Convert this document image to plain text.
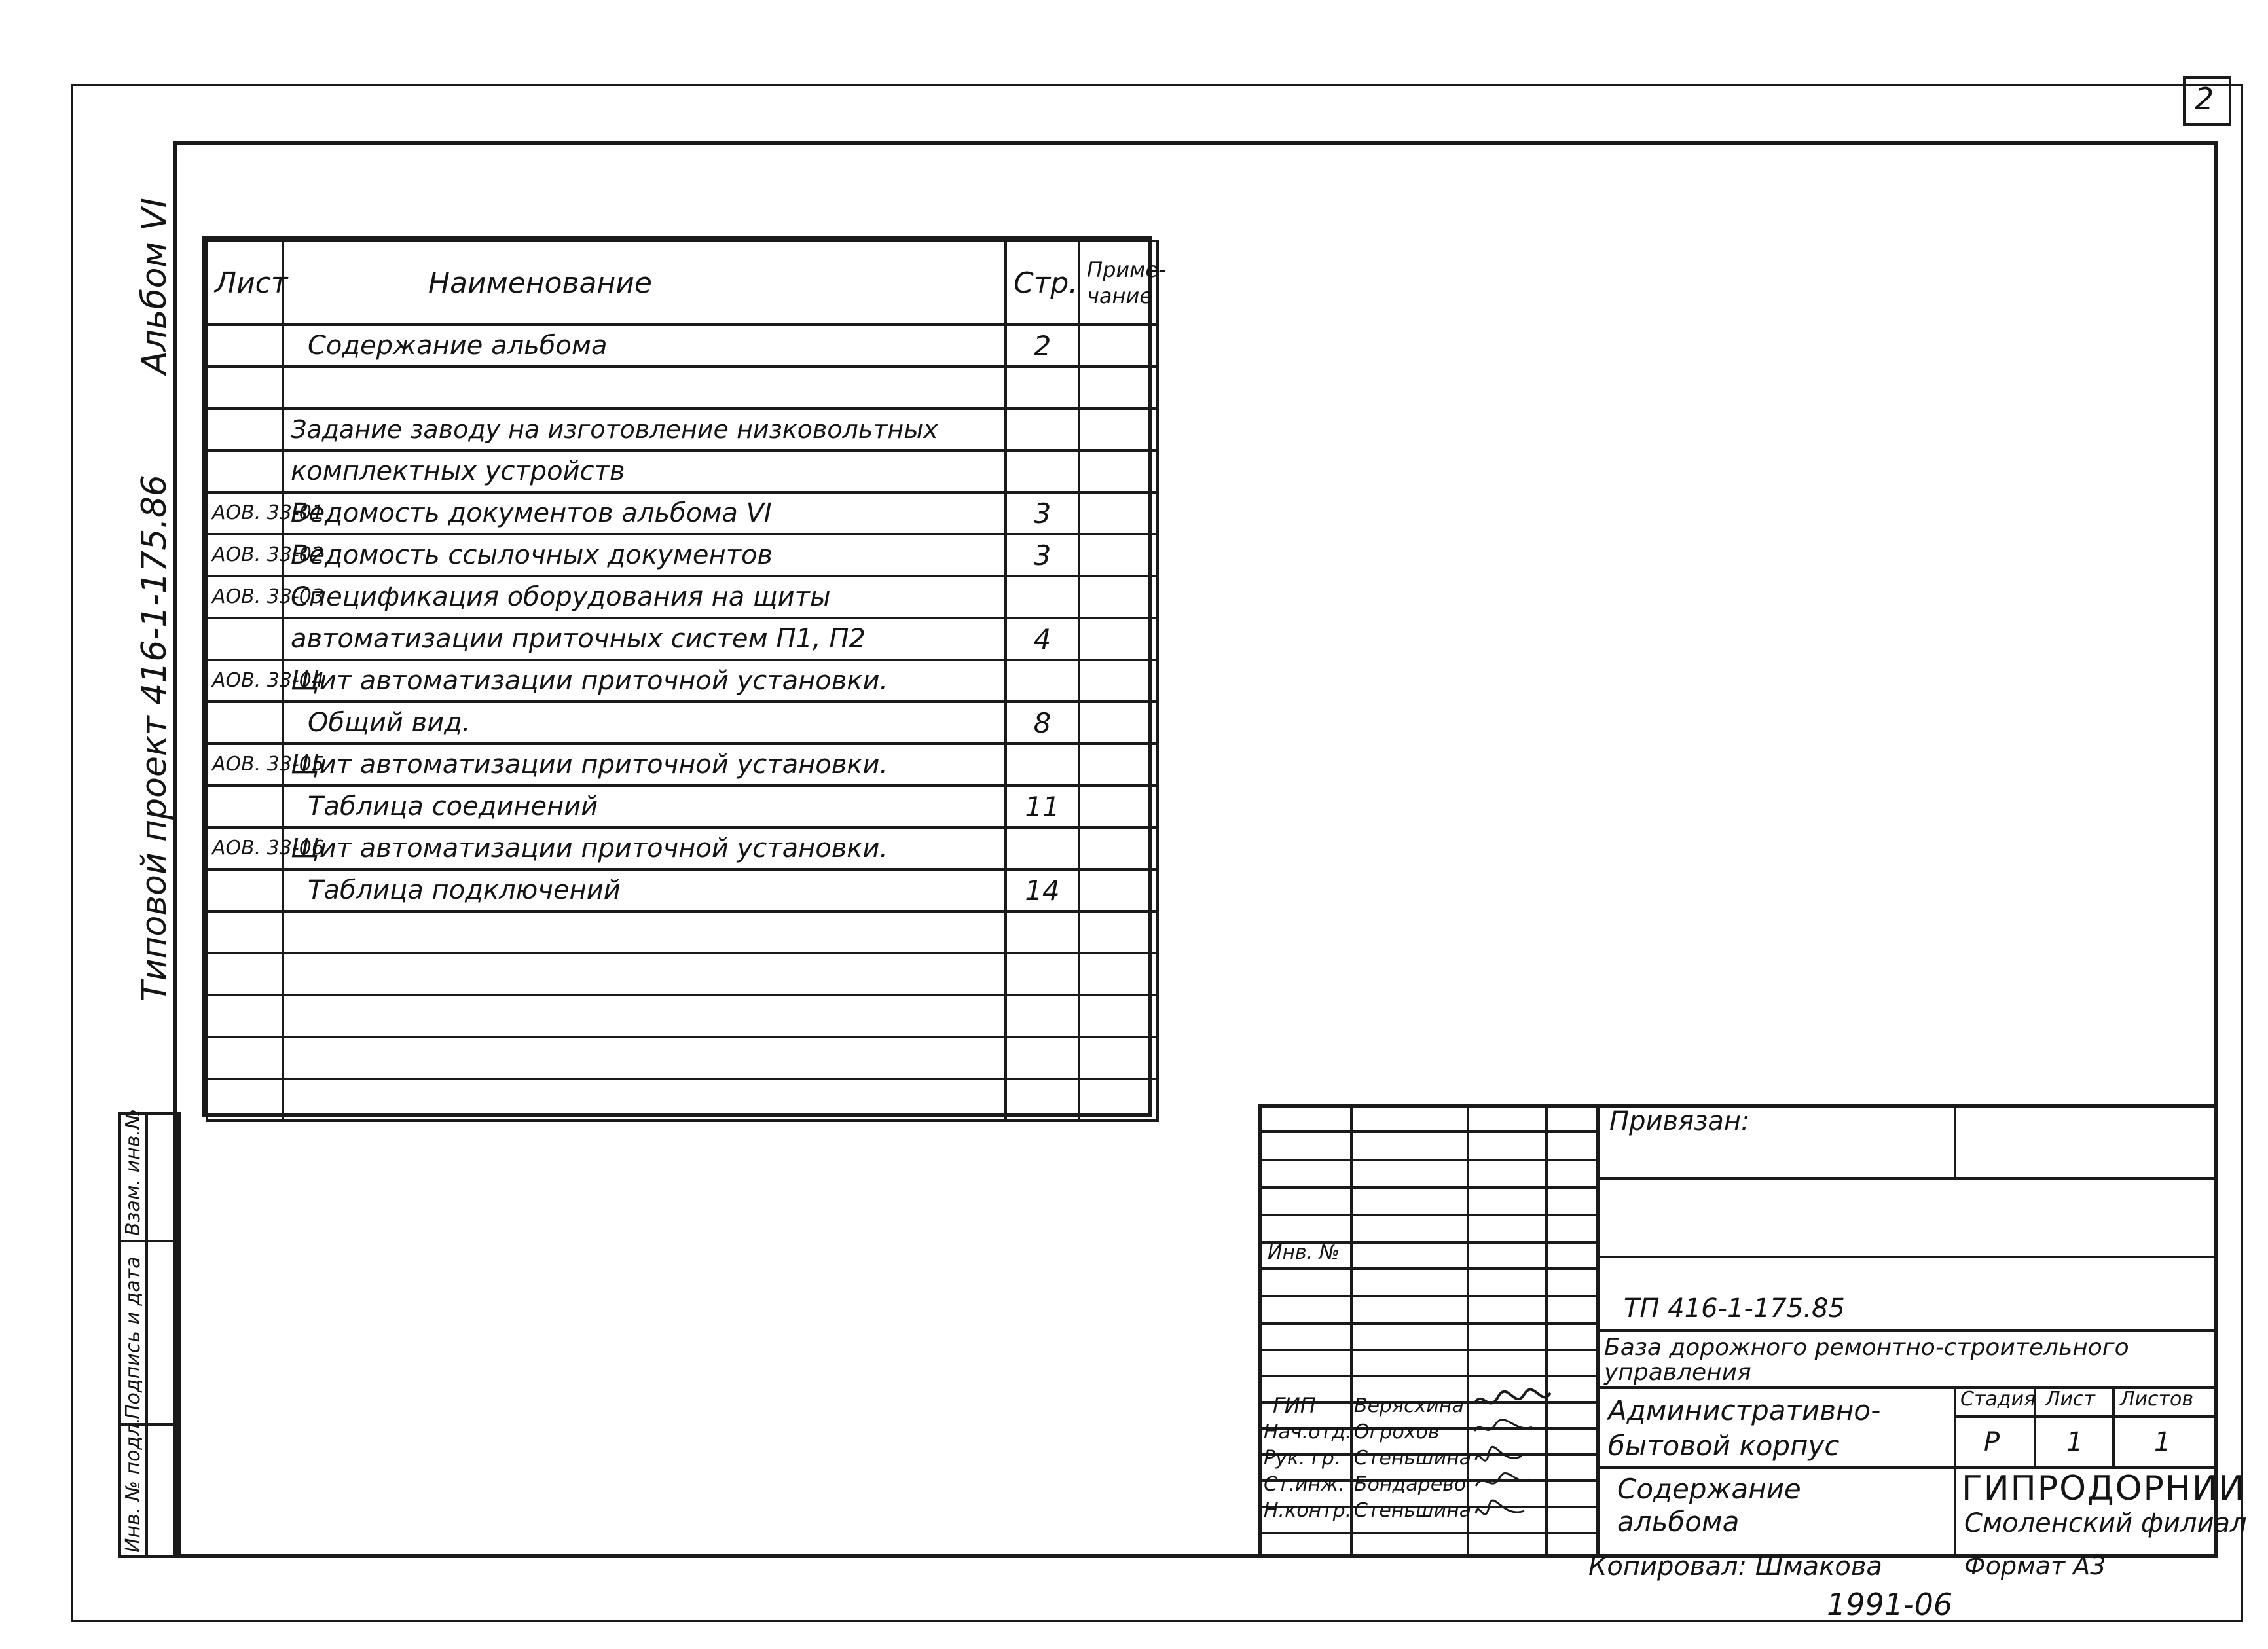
2
Типовой проект 416-1-175.86  Альбом VI
Взам. инв.№
Подпись и дата
Инв. № подл.
Лист	Наименование	Стр.	Приме-чание
	Содержание альбома	2	

	Задание заводу на изготовление низковольтных		
	комплектных устройств		
АОВ. 33-01	Ведомость документов альбома VI	3	
АОВ. 33-02	Ведомость ссылочных документов	3	
АОВ. 33-03	Спецификация оборудования на щиты		
	автоматизации приточных систем П1, П2	4	
АОВ. 33-04	Щит автоматизации приточной установки.		
	Общий вид.	8	
АОВ. 33-05	Щит автоматизации приточной установки.		
	Таблица соединений	11	
АОВ. 33-06	Щит автоматизации приточной установки.		
	Таблица подключений	14	

Инв. №
ГИП Верясхина
Нач.отд. Огрохов
Рук. гр. Стеньшина
Ст.инж. Бондарево
Н.контр. Стеньшина
Привязан:
ТП 416-1-175.85
База дорожного ремонтно-строительного управления
Административно-бытовой корпус
Содержание альбома
Стадия Лист Листов
Р	1	1
ГИПРОДОРНИИ
Смоленский филиал
Копировал: Шмакова	Формат А3
1991-06
